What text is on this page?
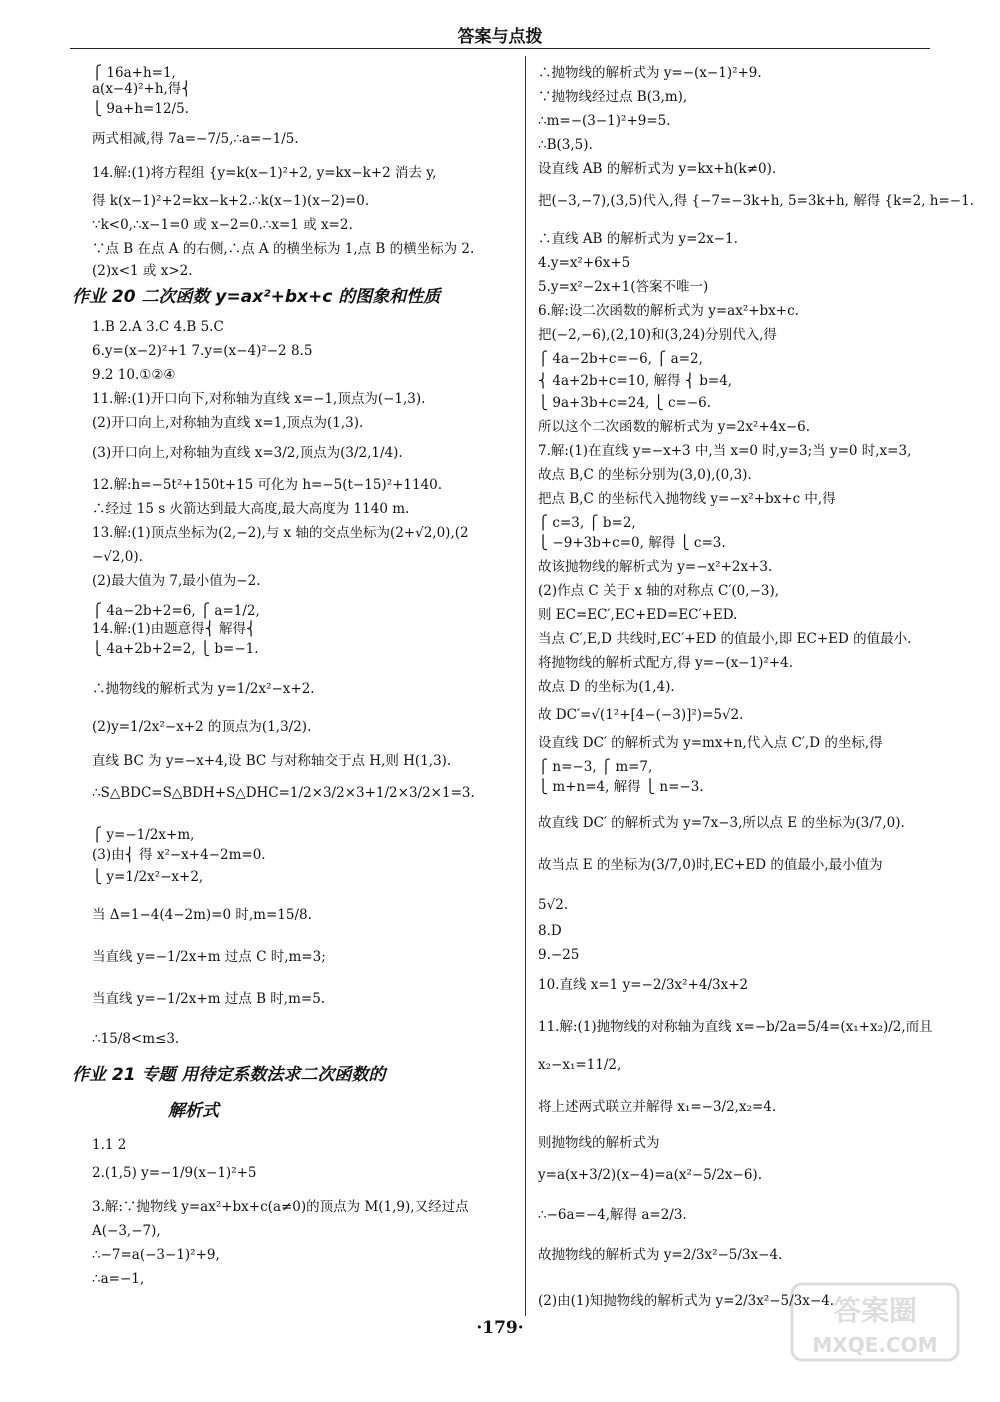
答案与点拨
⎧ 16a+h=1,
a(x−4)²+h,得⎨
⎩ 9a+h=12/5.
两式相减,得 7a=−7/5,∴a=−1/5.
14.解:(1)将方程组 {y=k(x−1)²+2, y=kx−k+2 消去 y,
得 k(x−1)²+2=kx−k+2.∴k(x−1)(x−2)=0.
∵k<0,∴x−1=0 或 x−2=0.∴x=1 或 x=2.
∵点 B 在点 A 的右侧,∴点 A 的横坐标为 1,点 B 的横坐标为 2.
(2)x<1 或 x>2.
作业 20 二次函数 y=ax²+bx+c 的图象和性质
1.B 2.A 3.C 4.B 5.C
6.y=(x−2)²+1 7.y=(x−4)²−2 8.5
9.2 10.①②④
11.解:(1)开口向下,对称轴为直线 x=−1,顶点为(−1,3).
(2)开口向上,对称轴为直线 x=1,顶点为(1,3).
(3)开口向上,对称轴为直线 x=3/2,顶点为(3/2,1/4).
12.解:h=−5t²+150t+15 可化为 h=−5(t−15)²+1140.
∴经过 15 s 火箭达到最大高度,最大高度为 1140 m.
13.解:(1)顶点坐标为(2,−2),与 x 轴的交点坐标为(2+√2,0),(2
−√2,0).
(2)最大值为 7,最小值为−2.
⎧ 4a−2b+2=6, ⎧ a=1/2,
14.解:(1)由题意得⎨ 解得⎨
⎩ 4a+2b+2=2, ⎩ b=−1.
∴抛物线的解析式为 y=1/2x²−x+2.
(2)y=1/2x²−x+2 的顶点为(1,3/2).
直线 BC 为 y=−x+4,设 BC 与对称轴交于点 H,则 H(1,3).
∴S△BDC=S△BDH+S△DHC=1/2×3/2×3+1/2×3/2×1=3.
⎧ y=−1/2x+m,
(3)由⎨ 得 x²−x+4−2m=0.
⎩ y=1/2x²−x+2,
当 Δ=1−4(4−2m)=0 时,m=15/8.
当直线 y=−1/2x+m 过点 C 时,m=3;
当直线 y=−1/2x+m 过点 B 时,m=5.
∴15/8<m≤3.
作业 21 专题 用待定系数法求二次函数的
解析式
1.1 2
2.(1,5) y=−1/9(x−1)²+5
3.解:∵抛物线 y=ax²+bx+c(a≠0)的顶点为 M(1,9),又经过点
A(−3,−7),
∴−7=a(−3−1)²+9,
∴a=−1,
∴抛物线的解析式为 y=−(x−1)²+9.
∵抛物线经过点 B(3,m),
∴m=−(3−1)²+9=5.
∴B(3,5).
设直线 AB 的解析式为 y=kx+h(k≠0).
把(−3,−7),(3,5)代入,得 {−7=−3k+h, 5=3k+h, 解得 {k=2, h=−1.
∴直线 AB 的解析式为 y=2x−1.
4.y=x²+6x+5
5.y=x²−2x+1(答案不唯一)
6.解:设二次函数的解析式为 y=ax²+bx+c.
把(−2,−6),(2,10)和(3,24)分别代入,得
⎧ 4a−2b+c=−6, ⎧ a=2,
⎨ 4a+2b+c=10, 解得 ⎨ b=4,
⎩ 9a+3b+c=24, ⎩ c=−6.
所以这个二次函数的解析式为 y=2x²+4x−6.
7.解:(1)在直线 y=−x+3 中,当 x=0 时,y=3;当 y=0 时,x=3,
故点 B,C 的坐标分别为(3,0),(0,3).
把点 B,C 的坐标代入抛物线 y=−x²+bx+c 中,得
⎧ c=3, ⎧ b=2,
⎩ −9+3b+c=0, 解得 ⎩ c=3.
故该抛物线的解析式为 y=−x²+2x+3.
(2)作点 C 关于 x 轴的对称点 C′(0,−3),
则 EC=EC′,EC+ED=EC′+ED.
当点 C′,E,D 共线时,EC′+ED 的值最小,即 EC+ED 的值最小.
将抛物线的解析式配方,得 y=−(x−1)²+4.
故点 D 的坐标为(1,4).
故 DC′=√(1²+[4−(−3)]²)=5√2.
设直线 DC′ 的解析式为 y=mx+n,代入点 C′,D 的坐标,得
⎧ n=−3, ⎧ m=7,
⎩ m+n=4, 解得 ⎩ n=−3.
故直线 DC′ 的解析式为 y=7x−3,所以点 E 的坐标为(3/7,0).
故当点 E 的坐标为(3/7,0)时,EC+ED 的值最小,最小值为
5√2.
8.D
9.−25
10.直线 x=1 y=−2/3x²+4/3x+2
11.解:(1)抛物线的对称轴为直线 x=−b/2a=5/4=(x₁+x₂)/2,而且
x₂−x₁=11/2,
将上述两式联立并解得 x₁=−3/2,x₂=4.
则抛物线的解析式为
y=a(x+3/2)(x−4)=a(x²−5/2x−6).
∴−6a=−4,解得 a=2/3.
故抛物线的解析式为 y=2/3x²−5/3x−4.
(2)由(1)知抛物线的解析式为 y=2/3x²−5/3x−4.
·179·
答案圈
MXQE.COM
